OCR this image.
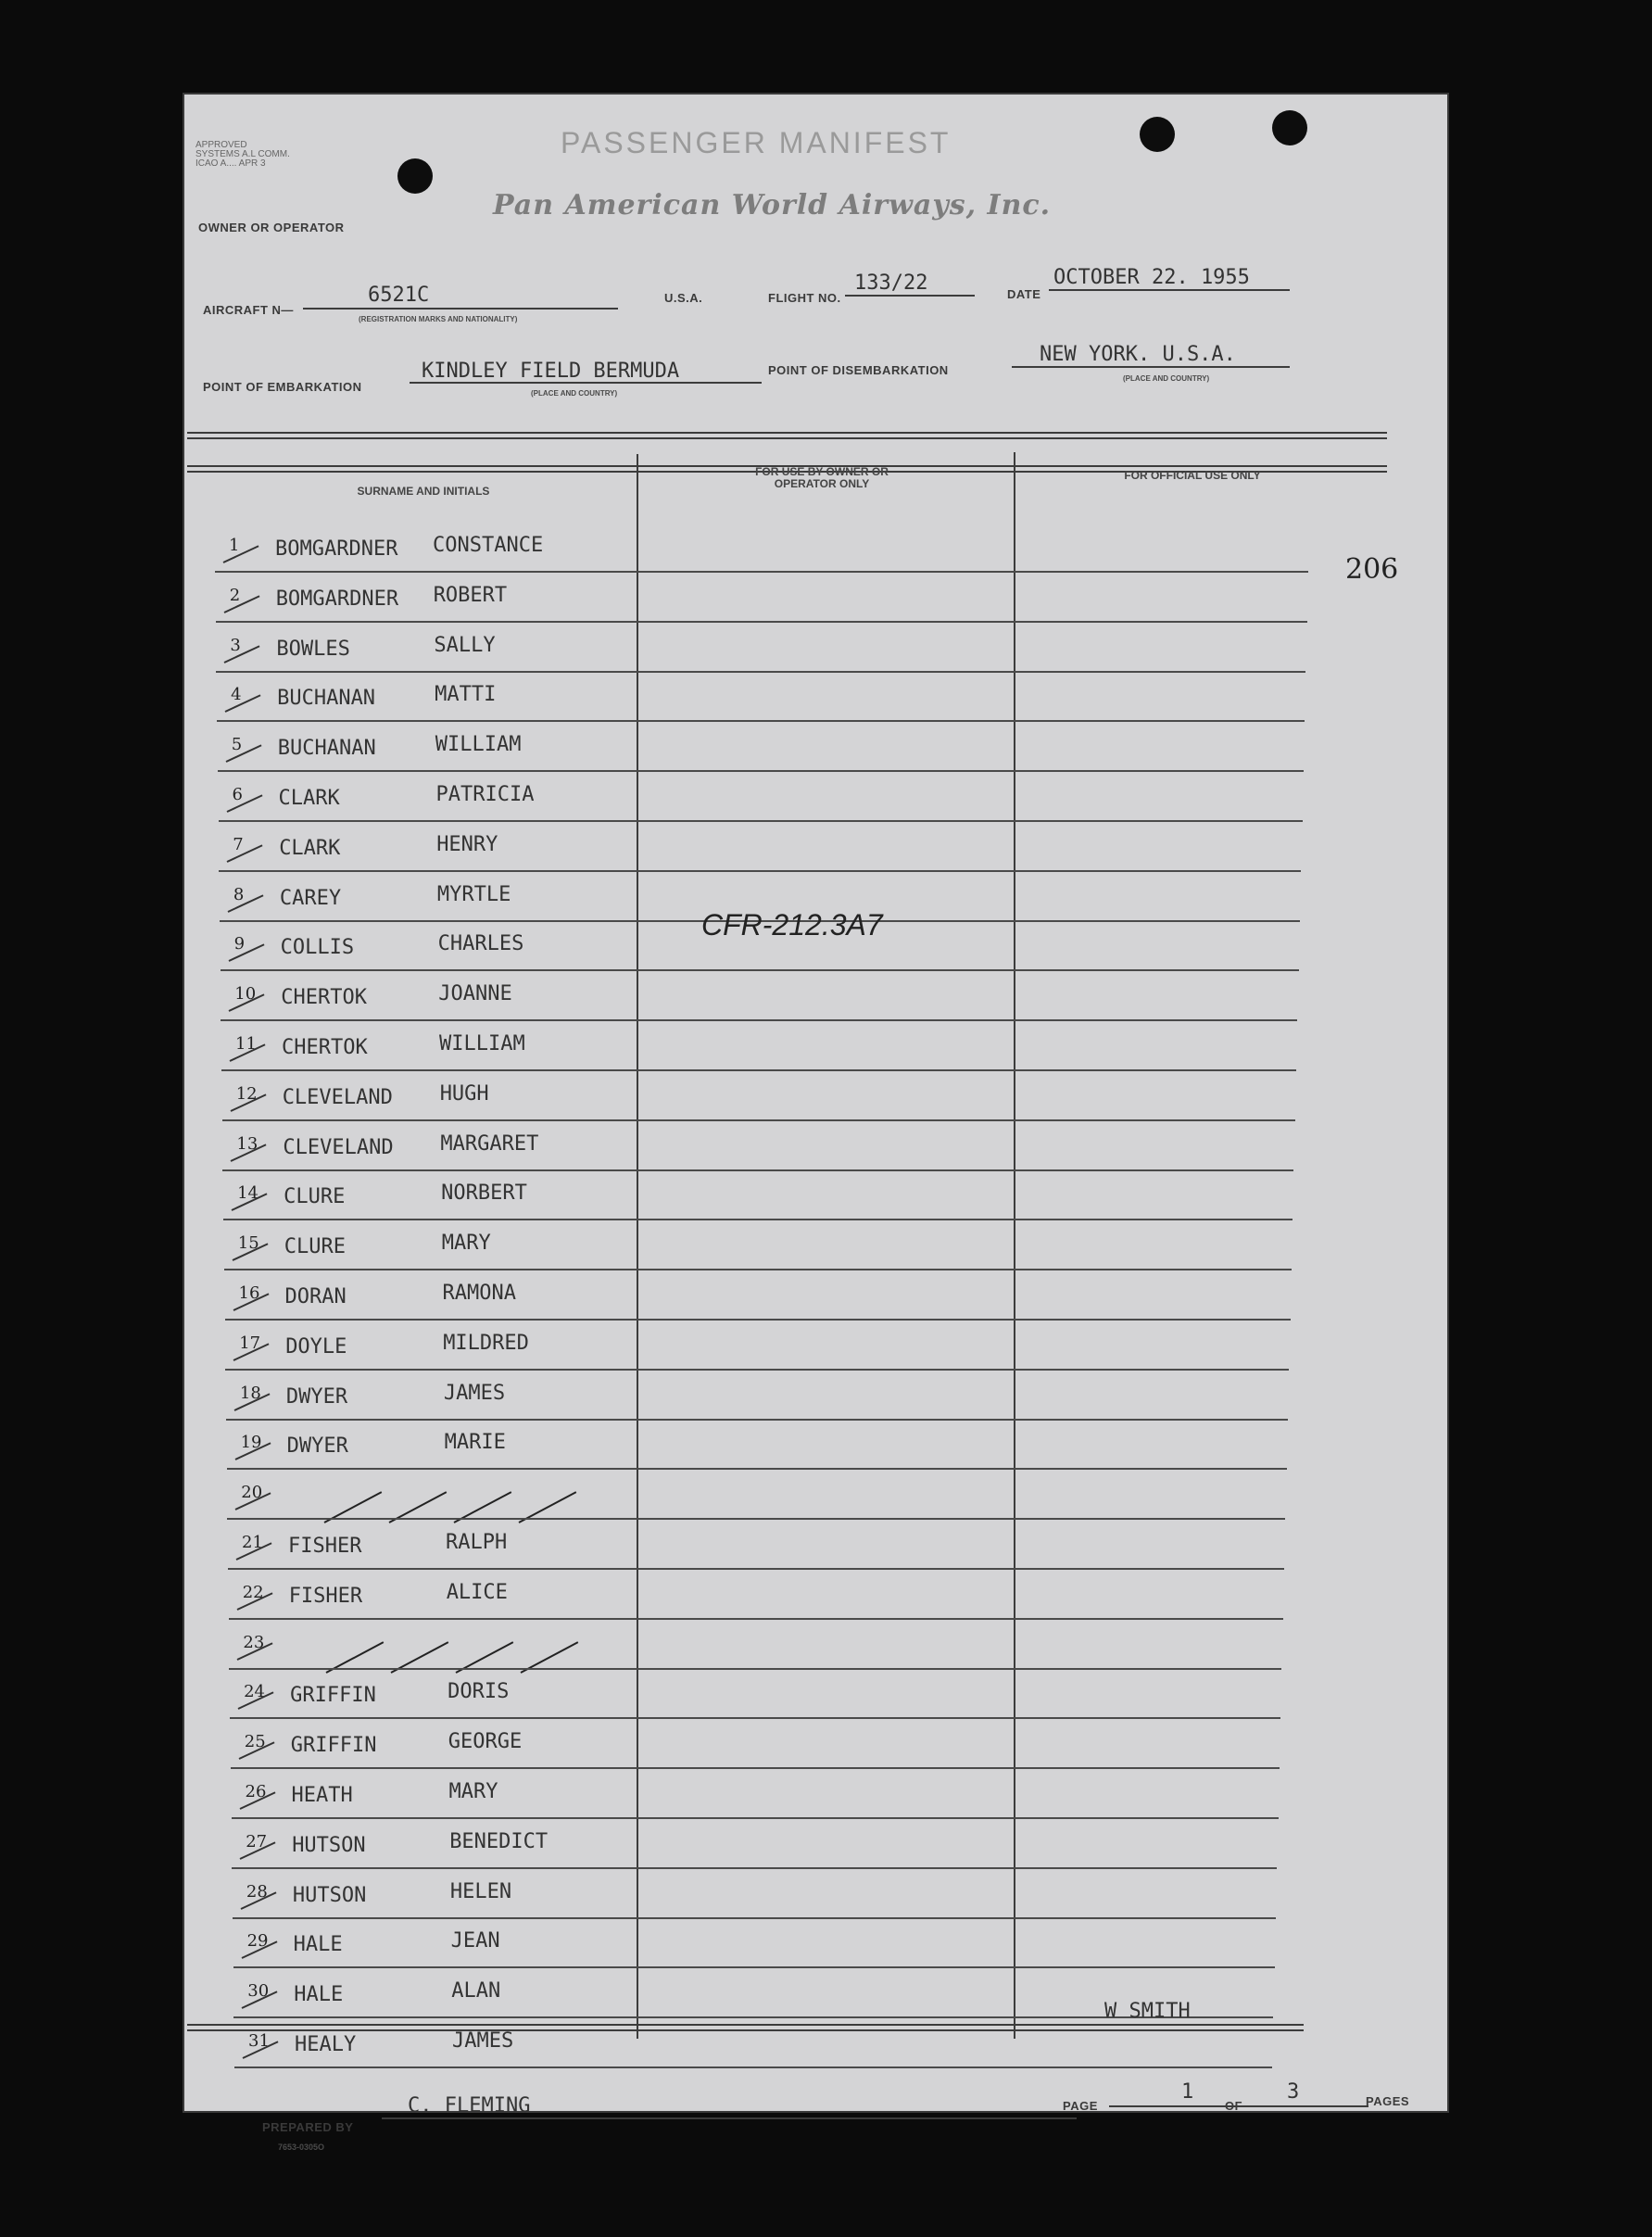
APPROVED
SYSTEMS A.L COMM.
ICAO A.... APR 3
PASSENGER MANIFEST
Pan American World Airways, Inc.
OWNER OR OPERATOR
AIRCRAFT N—
6521C
(REGISTRATION MARKS AND NATIONALITY)
U.S.A.	FLIGHT NO.
133/22	DATE
OCTOBER 22. 1955
POINT OF EMBARKATION
KINDLEY FIELD BERMUDA
(PLACE AND COUNTRY)
POINT OF DISEMBARKATION
NEW YORK. U.S.A.
(PLACE AND COUNTRY)
SURNAME AND INITIALS
FOR USE BY OWNER OR OPERATOR ONLY
FOR OFFICIAL USE ONLY
206
1 BOMGARDNER CONSTANCE
2 BOMGARDNER ROBERT
3 BOWLES	SALLY
4 BUCHANAN	MATTI
5 BUCHANAN	WILLIAM
6 CLARK	PATRICIA
7 CLARK	HENRY
8 CAREY	MYRTLE
9 COLLIS	CHARLES
10 CHERTOK	JOANNE
11 CHERTOK	WILLIAM
12 CLEVELAND HUGH
13 CLEVELAND MARGARET
14 CLURE	NORBERT
15 CLURE	MARY
16 DORAN	RAMONA
17 DOYLE	MILDRED
18 DWYER	JAMES
19 DWYER	MARIE
20
21 FISHER	RALPH
22 FISHER	ALICE
23
24 GRIFFIN	DORIS
25 GRIFFIN	GEORGE
26 HEATH	MARY
27 HUTSON	BENEDICT
28 HUTSON	HELEN
29 HALE	JEAN
30 HALE	ALAN
31 HEALY	JAMES
CFR-212.3A7
W SMITH
PREPARED BY
C. FLEMING	PAGE
1
OF
3	PAGES
7653-0305O
